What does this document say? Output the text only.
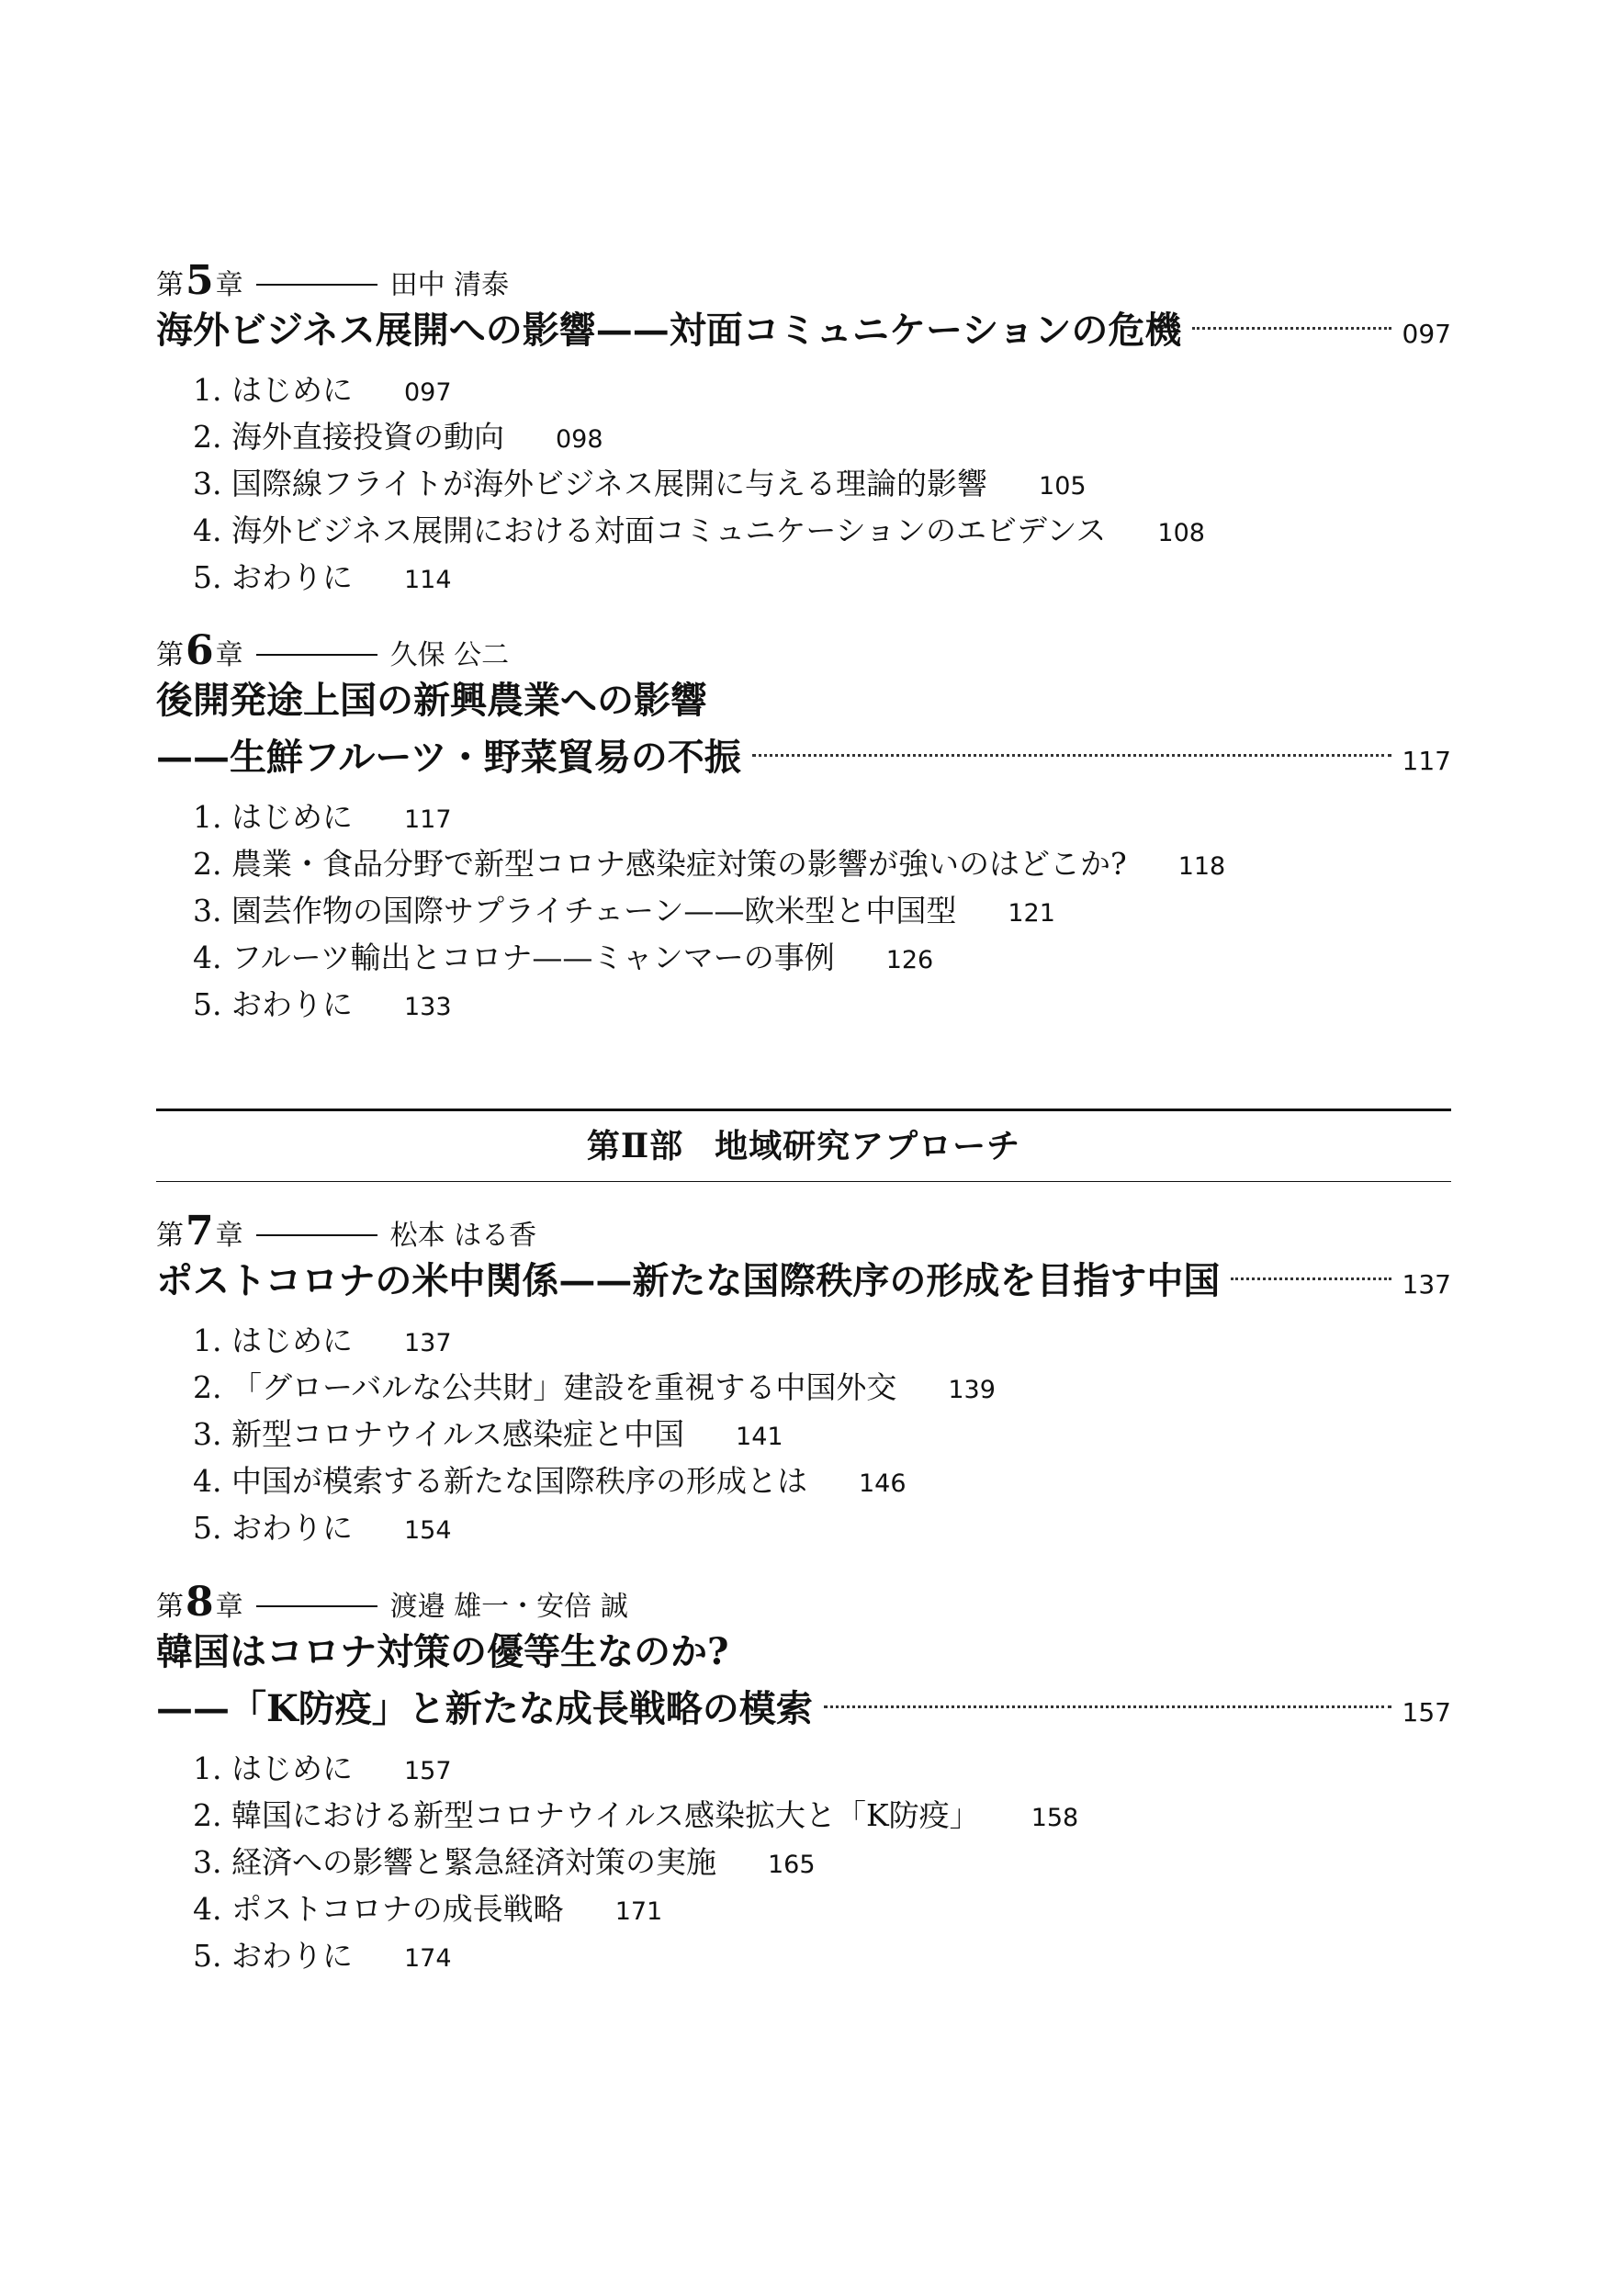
第 5 章	田中 清泰
海外ビジネス展開への影響——対面コミュニケーションの危機	097
1. はじめに 097
2. 海外直接投資の動向 098
3. 国際線フライトが海外ビジネス展開に与える理論的影響 105
4. 海外ビジネス展開における対面コミュニケーションのエビデンス 108
5. おわりに 114
第 6 章	久保 公二
後開発途上国の新興農業への影響
——生鮮フルーツ・野菜貿易の不振	117
1. はじめに 117
2. 農業・食品分野で新型コロナ感染症対策の影響が強いのはどこか? 118
3. 園芸作物の国際サプライチェーン——欧米型と中国型 121
4. フルーツ輸出とコロナ——ミャンマーの事例 126
5. おわりに 133
第Ⅱ部 地域研究アプローチ
第 7 章	松本 はる香
ポストコロナの米中関係——新たな国際秩序の形成を目指す中国	137
1. はじめに 137
2. 「グローバルな公共財」建設を重視する中国外交 139
3. 新型コロナウイルス感染症と中国 141
4. 中国が模索する新たな国際秩序の形成とは 146
5. おわりに 154
第 8 章	渡邉 雄一・安倍 誠
韓国はコロナ対策の優等生なのか?
——「K防疫」と新たな成長戦略の模索	157
1. はじめに 157
2. 韓国における新型コロナウイルス感染拡大と「K防疫」 158
3. 経済への影響と緊急経済対策の実施 165
4. ポストコロナの成長戦略 171
5. おわりに 174
